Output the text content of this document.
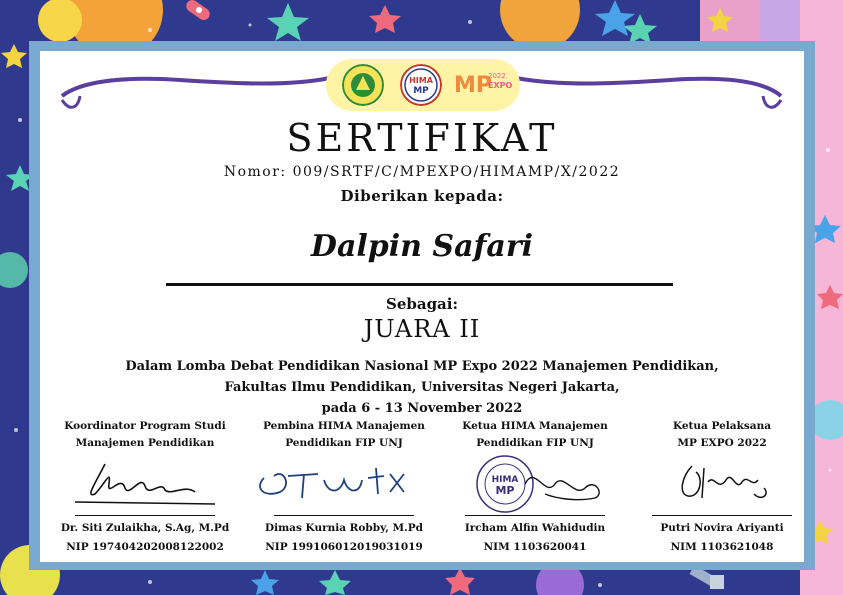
HIMA
MP MP
EXPO
2022
SERTIFIKAT
Nomor: 009/SRTF/C/MPEXPO/HIMAMP/X/2022
Diberikan kepada:
Dalpin Safari
Sebagai:
JUARA II
Dalam Lomba Debat Pendidikan Nasional MP Expo 2022 Manajemen Pendidikan,
Fakultas Ilmu Pendidikan, Universitas Negeri Jakarta,
pada 6 - 13 November 2022
Koordinator Program Studi
Manajemen Pendidikan
Dr. Siti Zulaikha, S.Ag, M.Pd
NIP 197404202008122002
Pembina HIMA Manajemen
Pendidikan FIP UNJ
Dimas Kurnia Robby, M.Pd
NIP 199106012019031019
Ketua HIMA Manajemen
Pendidikan FIP UNJ
HIMA
MP
Ircham Alfin Wahidudin
NIM 1103620041
Ketua Pelaksana
MP EXPO 2022
Putri Novira Ariyanti
NIM 1103621048
